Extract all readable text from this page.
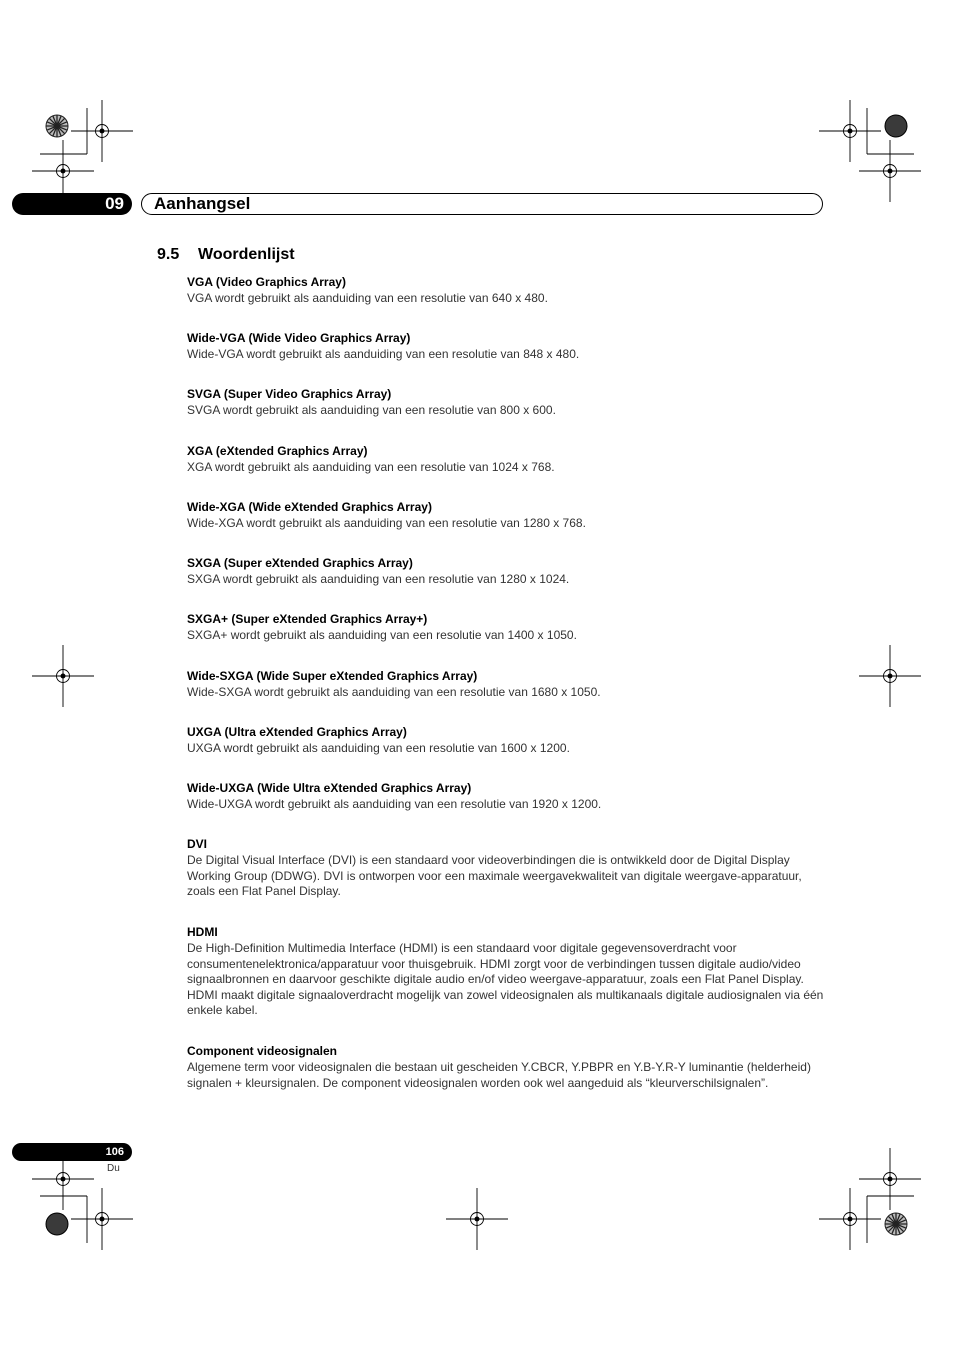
09 Aanhangsel
9.5 Woordenlijst
VGA (Video Graphics Array)
VGA wordt gebruikt als aanduiding van een resolutie van 640 x 480.
Wide-VGA (Wide Video Graphics Array)
Wide-VGA wordt gebruikt als aanduiding van een resolutie van 848 x 480.
SVGA (Super Video Graphics Array)
SVGA wordt gebruikt als aanduiding van een resolutie van 800 x 600.
XGA (eXtended Graphics Array)
XGA wordt gebruikt als aanduiding van een resolutie van 1024 x 768.
Wide-XGA (Wide eXtended Graphics Array)
Wide-XGA wordt gebruikt als aanduiding van een resolutie van 1280 x 768.
SXGA (Super eXtended Graphics Array)
SXGA wordt gebruikt als aanduiding van een resolutie van 1280 x 1024.
SXGA+ (Super eXtended Graphics Array+)
SXGA+ wordt gebruikt als aanduiding van een resolutie van 1400 x 1050.
Wide-SXGA (Wide Super eXtended Graphics Array)
Wide-SXGA wordt gebruikt als aanduiding van een resolutie van 1680 x 1050.
UXGA (Ultra eXtended Graphics Array)
UXGA wordt gebruikt als aanduiding van een resolutie van 1600 x 1200.
Wide-UXGA (Wide Ultra eXtended Graphics Array)
Wide-UXGA wordt gebruikt als aanduiding van een resolutie van 1920 x 1200.
DVI
De Digital Visual Interface (DVI) is een standaard voor videoverbindingen die is ontwikkeld door de Digital Display Working Group (DDWG). DVI is ontworpen voor een maximale weergavekwaliteit van digitale weergave-apparatuur, zoals een Flat Panel Display.
HDMI
De High-Definition Multimedia Interface (HDMI) is een standaard voor digitale gegevensoverdracht voor consumentenelektronica/apparatuur voor thuisgebruik. HDMI zorgt voor de verbindingen tussen digitale audio/video signaalbronnen en daarvoor geschikte digitale audio en/of video weergave-apparatuur, zoals een Flat Panel Display. HDMI maakt digitale signaaloverdracht mogelijk van zowel videosignalen als multikanaals digitale audiosignalen via één enkele kabel.
Component videosignalen
Algemene term voor videosignalen die bestaan uit gescheiden Y.CBCR, Y.PBPR en Y.B-Y.R-Y luminantie (helderheid) signalen + kleursignalen. De component videosignalen worden ook wel aangeduid als “kleurverschilsignalen”.
106
Du
